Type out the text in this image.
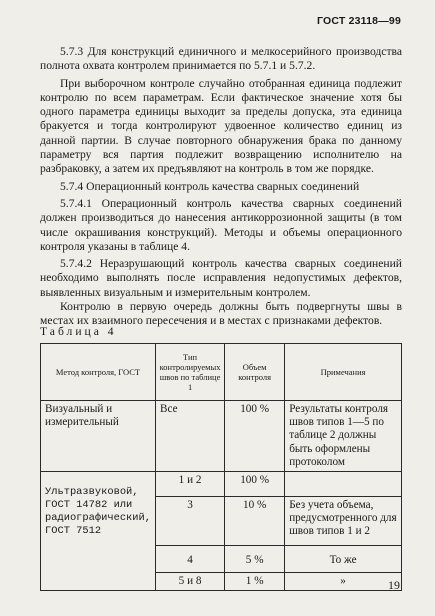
ГОСТ 23118—99

5.7.3 Для конструкций единичного и мелкосерийного производства полнота охвата контролем принимается по 5.7.1 и 5.7.2.

При выборочном контроле случайно отобранная единица подлежит контролю по всем параметрам. Если фактическое значение хотя бы одного параметра единицы выходит за пределы допуска, эта единица бракуется и тогда контролируют удвоенное количество единиц из данной партии. В случае повторного обнаружения брака по данному параметру вся партия подлежит возвращению исполнителю на разбраковку, а затем их предъявляют на контроль в том же порядке.

5.7.4 Операционный контроль качества сварных соединений

5.7.4.1 Операционный контроль качества сварных соединений должен производиться до нанесения антикоррозионной защиты (в том числе окрашивания конструкций). Методы и объемы операционного контроля указаны в таблице 4.

5.7.4.2 Неразрушающий контроль качества сварных соединений необходимо выполнять после исправления недопустимых дефектов, выявленных визуальным и измерительным контролем.

Контролю в первую очередь должны быть подвергнуты швы в местах их взаимного пересечения и в местах с признаками дефектов.

Таблица 4
Метод контроля, ГОСТ	Тип контролируемых швов по таблице 1	Объем контроля	Примечания
Визуальный и измерительный	Все	100 %	Результаты контроля швов типов 1—5 по таблице 2 должны быть оформлены протоколом
Ультразвуковой, ГОСТ 14782 или радиографический, ГОСТ 7512	1 и 2	100 %	
	3	10 %	Без учета объема, предусмотренного для швов типов 1 и 2
	4	5 %	То же
	5 и 8	1 %	»	19
